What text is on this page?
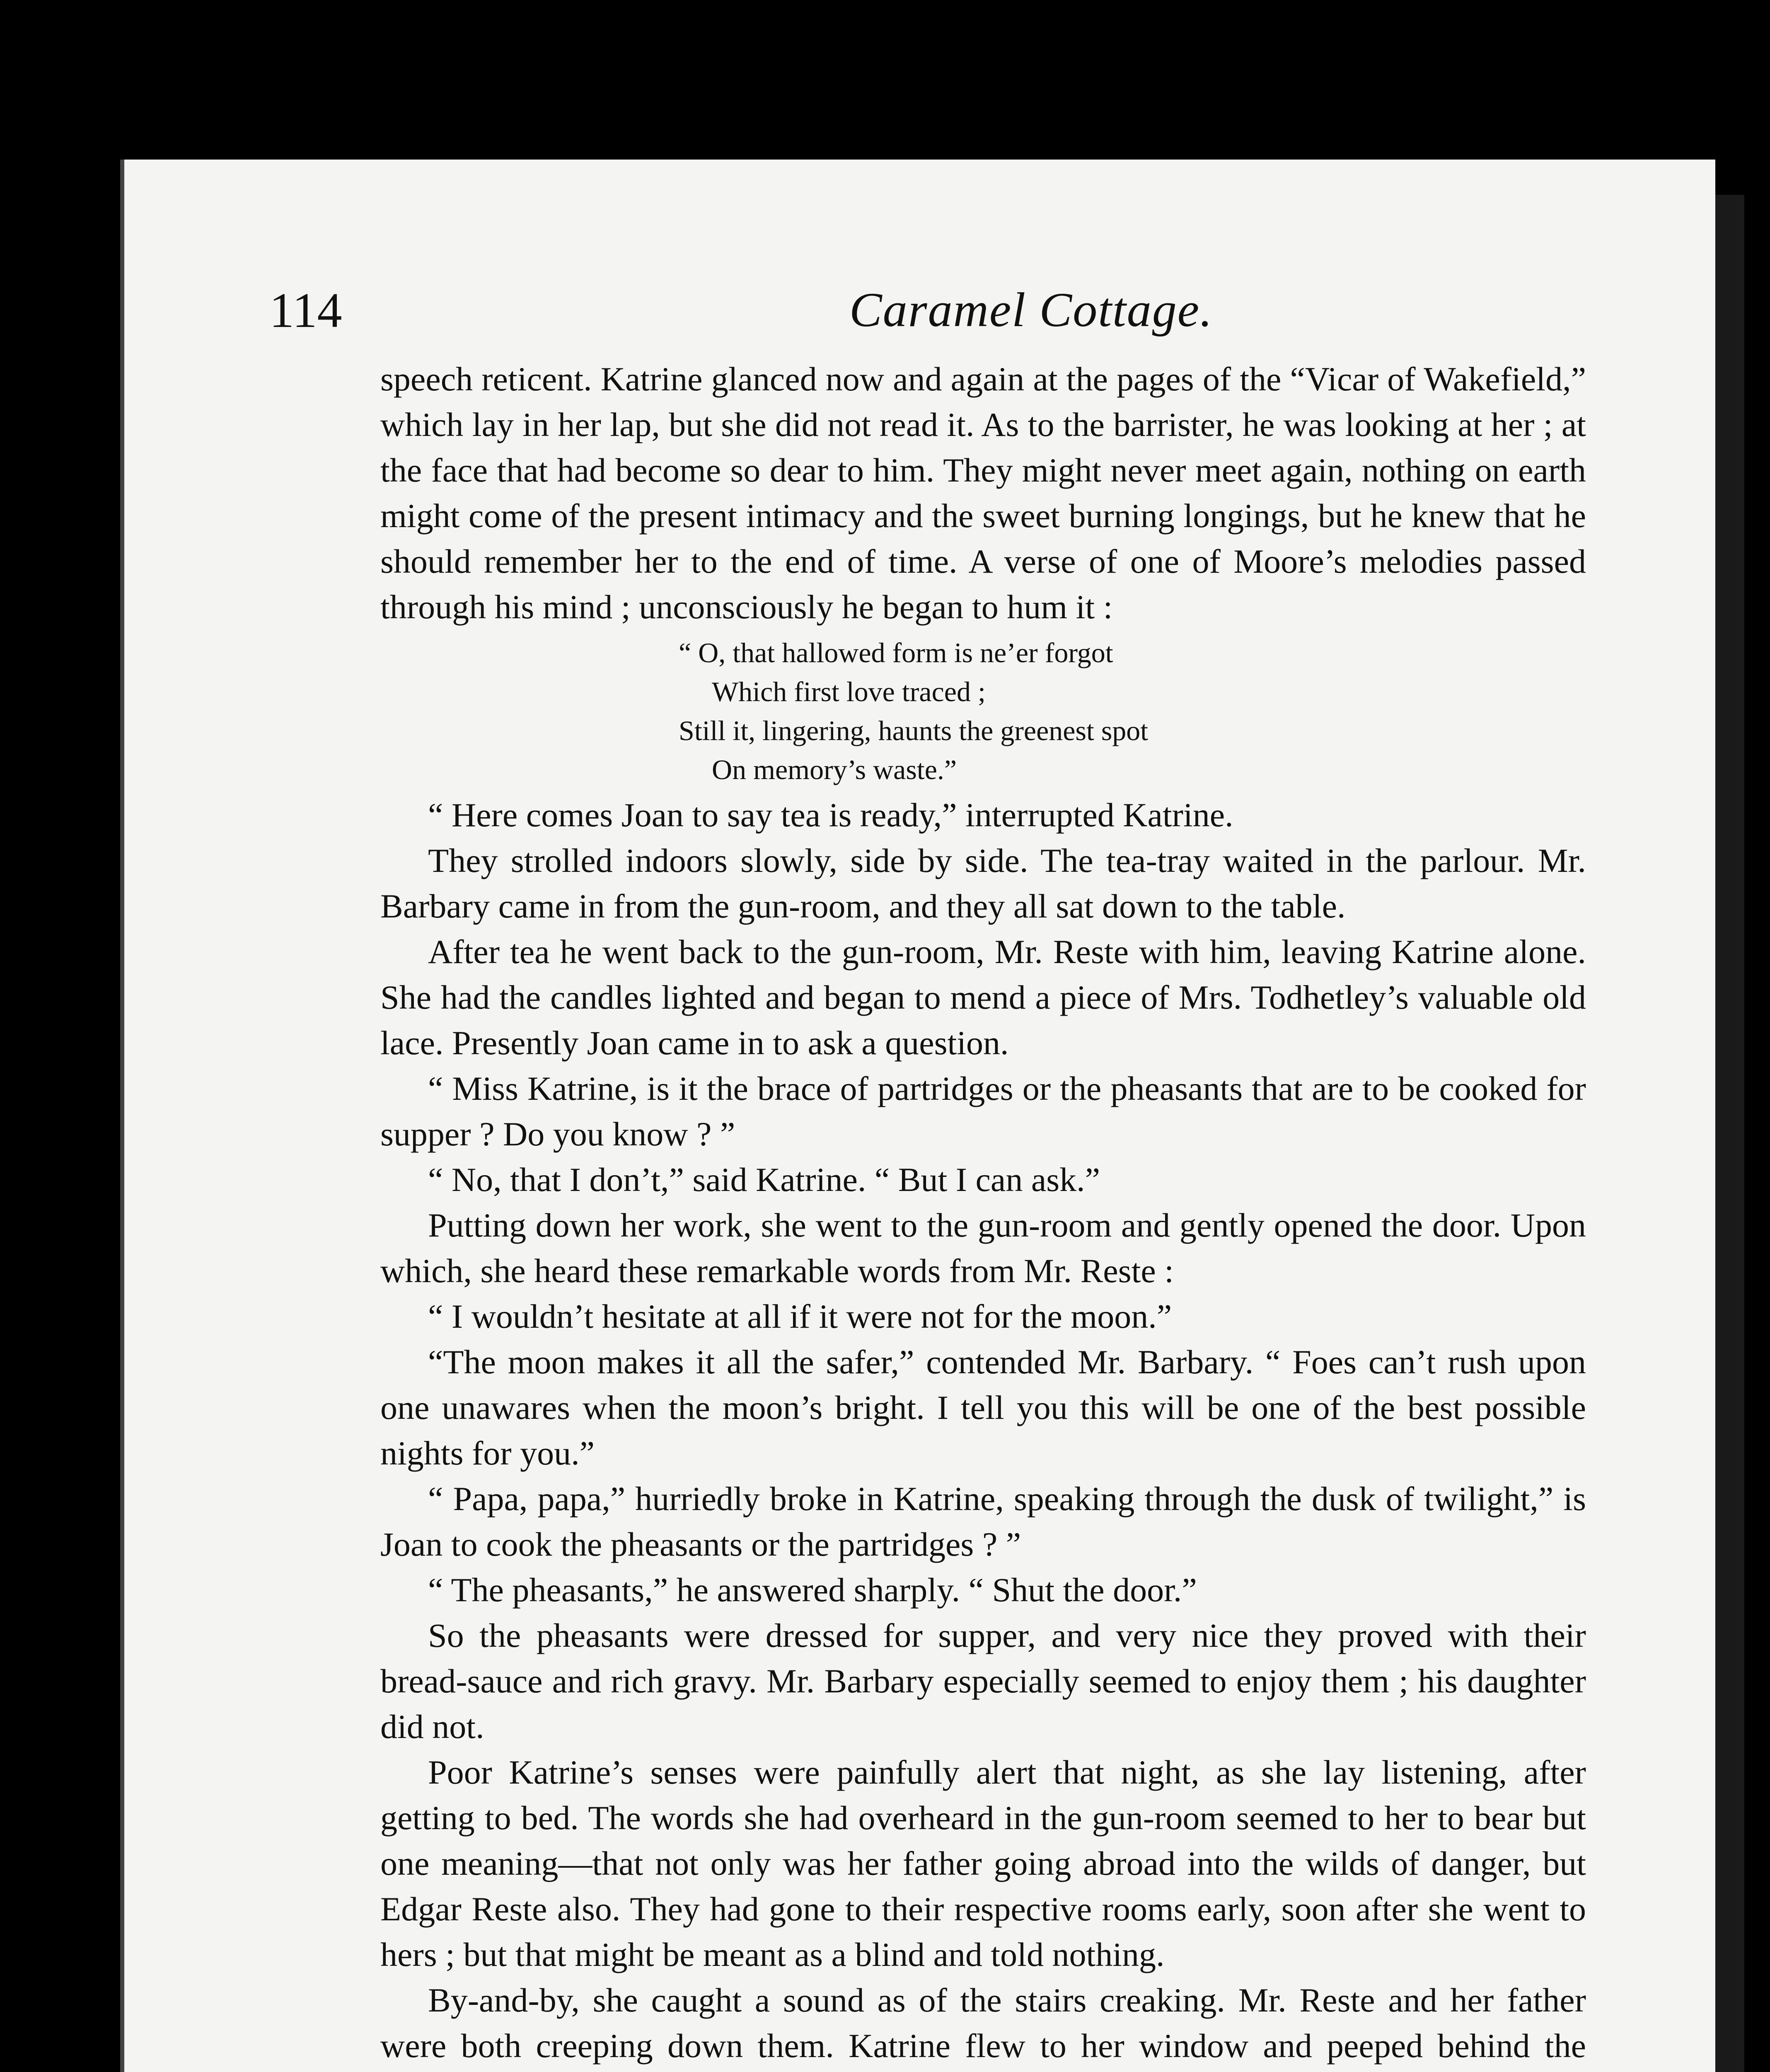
114	Caramel Cottage.

speech reticent. Katrine glanced now and again at the pages of the “Vicar of Wakefield,” which lay in her lap, but she did not read it. As to the barrister, he was looking at her ; at the face that had become so dear to him. They might never meet again, nothing on earth might come of the present intimacy and the sweet burning longings, but he knew that he should remember her to the end of time. A verse of one of Moore’s melodies passed through his mind ; unconsciously he began to hum it :

“ O, that hallowed form is ne’er forgot
Which first love traced ;
Still it, lingering, haunts the greenest spot
On memory’s waste.”

“ Here comes Joan to say tea is ready,” interrupted Katrine.

They strolled indoors slowly, side by side. The tea-tray waited in the parlour. Mr. Barbary came in from the gun-room, and they all sat down to the table.

After tea he went back to the gun-room, Mr. Reste with him, leaving Katrine alone. She had the candles lighted and began to mend a piece of Mrs. Todhetley’s valuable old lace. Presently Joan came in to ask a question.

“ Miss Katrine, is it the brace of partridges or the pheasants that are to be cooked for supper ? Do you know ? ”

“ No, that I don’t,” said Katrine. “ But I can ask.”

Putting down her work, she went to the gun-room and gently opened the door. Upon which, she heard these remarkable words from Mr. Reste :

“ I wouldn’t hesitate at all if it were not for the moon.”

“The moon makes it all the safer,” contended Mr. Barbary. “ Foes can’t rush upon one unawares when the moon’s bright. I tell you this will be one of the best possible nights for you.”

“ Papa, papa,” hurriedly broke in Katrine, speaking through the dusk of twilight,” is Joan to cook the pheasants or the partridges ? ”

“ The pheasants,” he answered sharply. “ Shut the door.”

So the pheasants were dressed for supper, and very nice they proved with their bread-sauce and rich gravy. Mr. Barbary especially seemed to enjoy them ; his daughter did not.

Poor Katrine’s senses were painfully alert that night, as she lay listening, after getting to bed. The words she had overheard in the gun-room seemed to her to bear but one meaning—that not only was her father going abroad into the wilds of danger, but Edgar Reste also. They had gone to their respective rooms early, soon after she went to hers ; but that might be meant as a blind and told nothing.

By-and-by, she caught a sound as of the stairs creaking. Mr. Reste and her father were both creeping down them. Katrine flew to her window and peeped behind the
